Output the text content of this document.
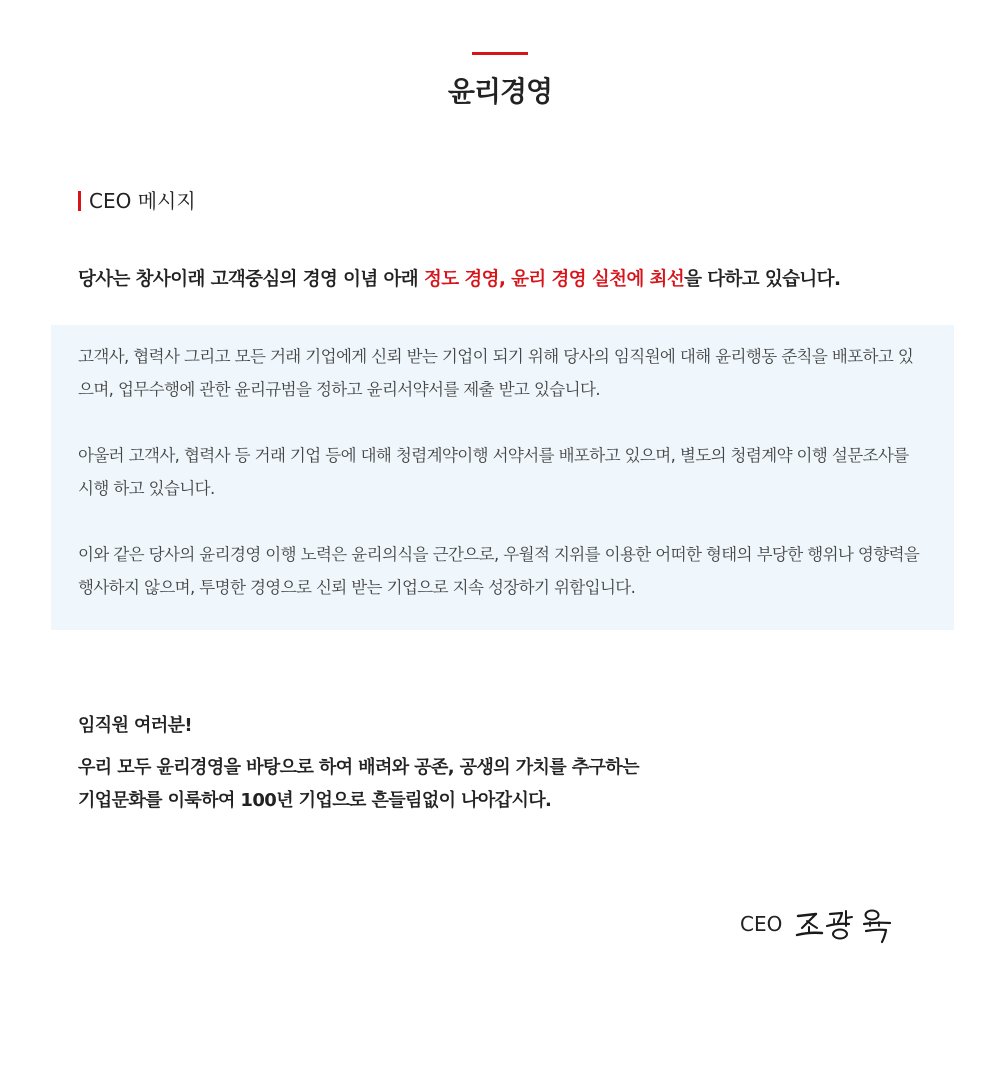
윤리경영
CEO 메시지

당사는 창사이래 고객중심의 경영 이념 아래 정도 경영, 윤리 경영 실천에 최선을 다하고 있습니다.

고객사, 협력사 그리고 모든 거래 기업에게 신뢰 받는 기업이 되기 위해 당사의 임직원에 대해 윤리행동 준칙을 배포하고 있으며, 업무수행에 관한 윤리규범을 정하고 윤리서약서를 제출 받고 있습니다.

아울러 고객사, 협력사 등 거래 기업 등에 대해 청렴계약이행 서약서를 배포하고 있으며, 별도의 청렴계약 이행 설문조사를 시행 하고 있습니다.

이와 같은 당사의 윤리경영 이행 노력은 윤리의식을 근간으로, 우월적 지위를 이용한 어떠한 형태의 부당한 행위나 영향력을 행사하지 않으며, 투명한 경영으로 신뢰 받는 기업으로 지속 성장하기 위함입니다.

임직원 여러분!

우리 모두 윤리경영을 바탕으로 하여 배려와 공존, 공생의 가치를 추구하는
기업문화를 이룩하여 100년 기업으로 흔들림없이 나아갑시다.

CEO
